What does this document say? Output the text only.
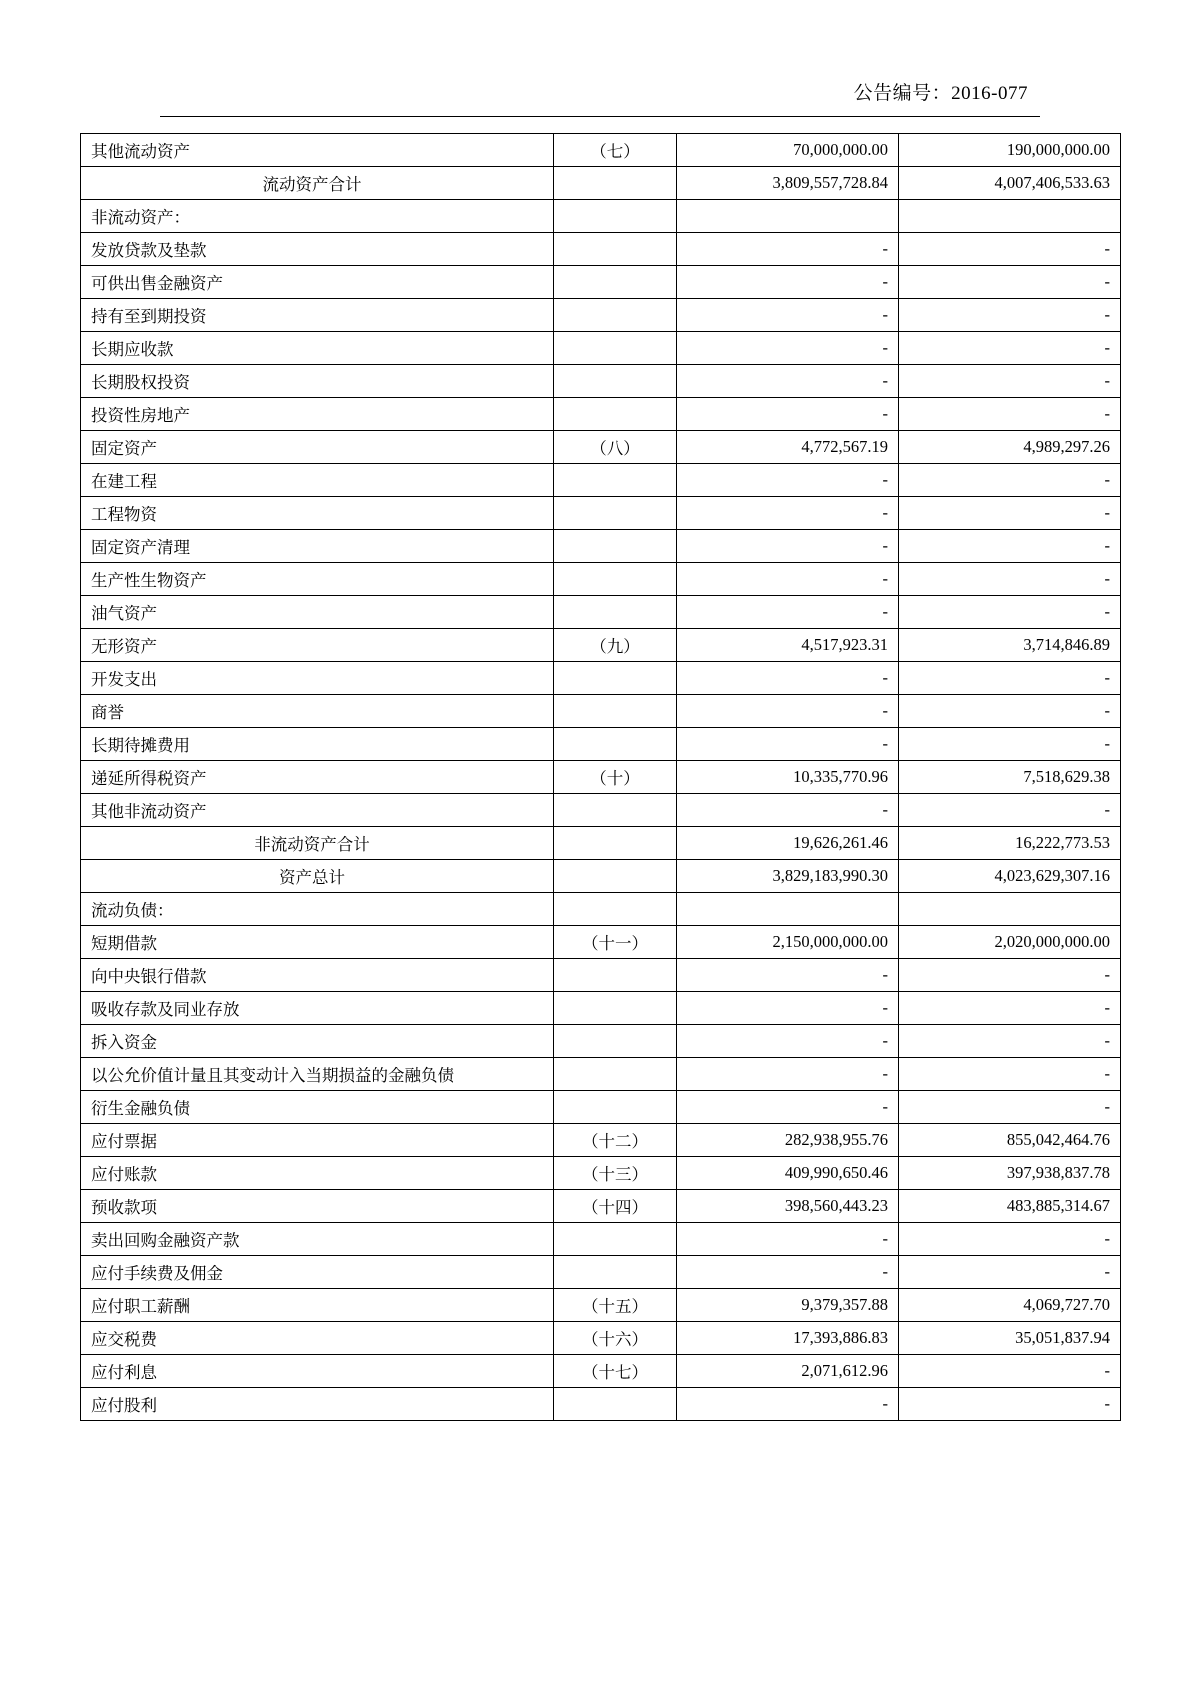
公告编号：2016-077
其他流动资产	（七）	70,000,000.00	190,000,000.00
流动资产合计		3,809,557,728.84	4,007,406,533.63
非流动资产：			
发放贷款及垫款		-	-
可供出售金融资产		-	-
持有至到期投资		-	-
长期应收款		-	-
长期股权投资		-	-
投资性房地产		-	-
固定资产	（八）	4,772,567.19	4,989,297.26
在建工程		-	-
工程物资		-	-
固定资产清理		-	-
生产性生物资产		-	-
油气资产		-	-
无形资产	（九）	4,517,923.31	3,714,846.89
开发支出		-	-
商誉		-	-
长期待摊费用		-	-
递延所得税资产	（十）	10,335,770.96	7,518,629.38
其他非流动资产		-	-
非流动资产合计		19,626,261.46	16,222,773.53
资产总计		3,829,183,990.30	4,023,629,307.16
流动负债：			
短期借款	（十一）	2,150,000,000.00	2,020,000,000.00
向中央银行借款		-	-
吸收存款及同业存放		-	-
拆入资金		-	-
以公允价值计量且其变动计入当期损益的金融负债		-	-
衍生金融负债		-	-
应付票据	（十二）	282,938,955.76	855,042,464.76
应付账款	（十三）	409,990,650.46	397,938,837.78
预收款项	（十四）	398,560,443.23	483,885,314.67
卖出回购金融资产款		-	-
应付手续费及佣金		-	-
应付职工薪酬	（十五）	9,379,357.88	4,069,727.70
应交税费	（十六）	17,393,886.83	35,051,837.94
应付利息	（十七）	2,071,612.96	-
应付股利		-	-
